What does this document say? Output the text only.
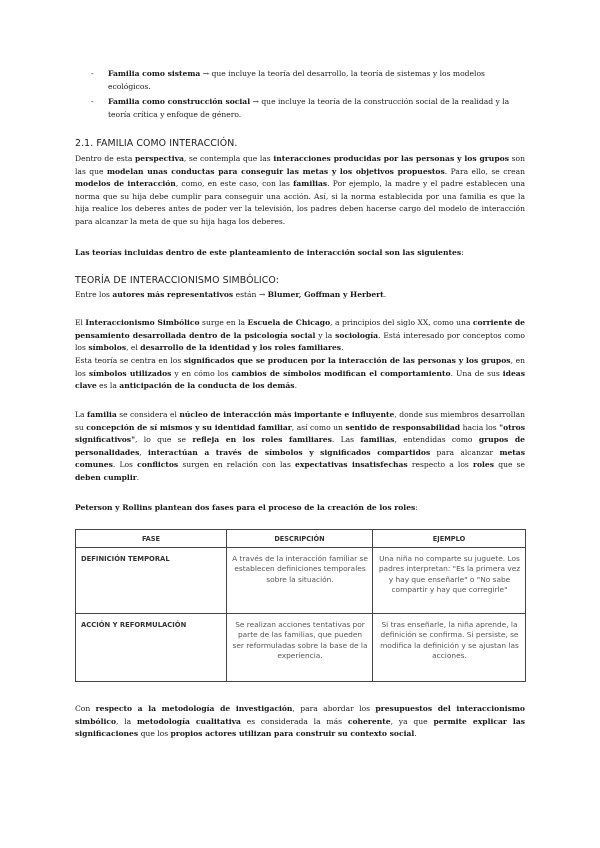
- Familia como sistema → que incluye la teoría del desarrollo, la teoría de sistemas y los modelos ecológicos.
- Familia como construcción social → que incluye la teoría de la construcción social de la realidad y la teoría crítica y enfoque de género.
2.1. FAMILIA COMO INTERACCIÓN.

Dentro de esta perspectiva, se contempla que las interacciones producidas por las personas y los grupos son las que modelan unas conductas para conseguir las metas y los objetivos propuestos. Para ello, se crean modelos de interacción, como, en este caso, con las familias. Por ejemplo, la madre y el padre establecen una norma que su hija debe cumplir para conseguir una acción. Así, si la norma establecida por una familia es que la hija realice los deberes antes de poder ver la televisión, los padres deben hacerse cargo del modelo de interacción para alcanzar la meta de que su hija haga los deberes.

Las teorías incluidas dentro de este planteamiento de interacción social son las siguientes:

TEORÍA DE INTERACCIONISMO SIMBÓLICO:

Entre los autores más representativos están → Blumer, Goffman y Herbert.

El Interaccionismo Simbólico surge en la Escuela de Chicago, a principios del siglo XX, como una corriente de pensamiento desarrollada dentro de la psicología social y la sociología. Está interesado por conceptos como los símbolos, el desarrollo de la identidad y los roles familiares.

Esta teoría se centra en los significados que se producen por la interacción de las personas y los grupos, en los símbolos utilizados y en cómo los cambios de símbolos modifican el comportamiento. Una de sus ideas clave es la anticipación de la conducta de los demás.

La familia se considera el núcleo de interacción más importante e influyente, donde sus miembros desarrollan su concepción de sí mismos y su identidad familiar, así como un sentido de responsabilidad hacia los "otros significativos", lo que se refleja en los roles familiares. Las familias, entendidas como grupos de personalidades, interactúan a través de símbolos y significados compartidos para alcanzar metas comunes. Los conflictos surgen en relación con las expectativas insatisfechas respecto a los roles que se deben cumplir.

Peterson y Rollins plantean dos fases para el proceso de la creación de los roles:

FASE	DESCRIPCIÓN	EJEMPLO
DEFINICIÓN TEMPORAL	A través de la interacción familiar se establecen definiciones temporales sobre la situación.	Una niña no comparte su juguete. Los padres interpretan: "Es la primera vez y hay que enseñarle" o "No sabe compartir y hay que corregirle"
ACCIÓN Y REFORMULACIÓN	Se realizan acciones tentativas por parte de las familias, que pueden ser reformuladas sobre la base de la experiencia.	Si tras enseñarle, la niña aprende, la definición se confirma. Si persiste, se modifica la definición y se ajustan las acciones.

Con respecto a la metodología de investigación, para abordar los presupuestos del interaccionismo simbólico, la metodología cualitativa es considerada la más coherente, ya que permite explicar las significaciones que los propios actores utilizan para construir su contexto social.
